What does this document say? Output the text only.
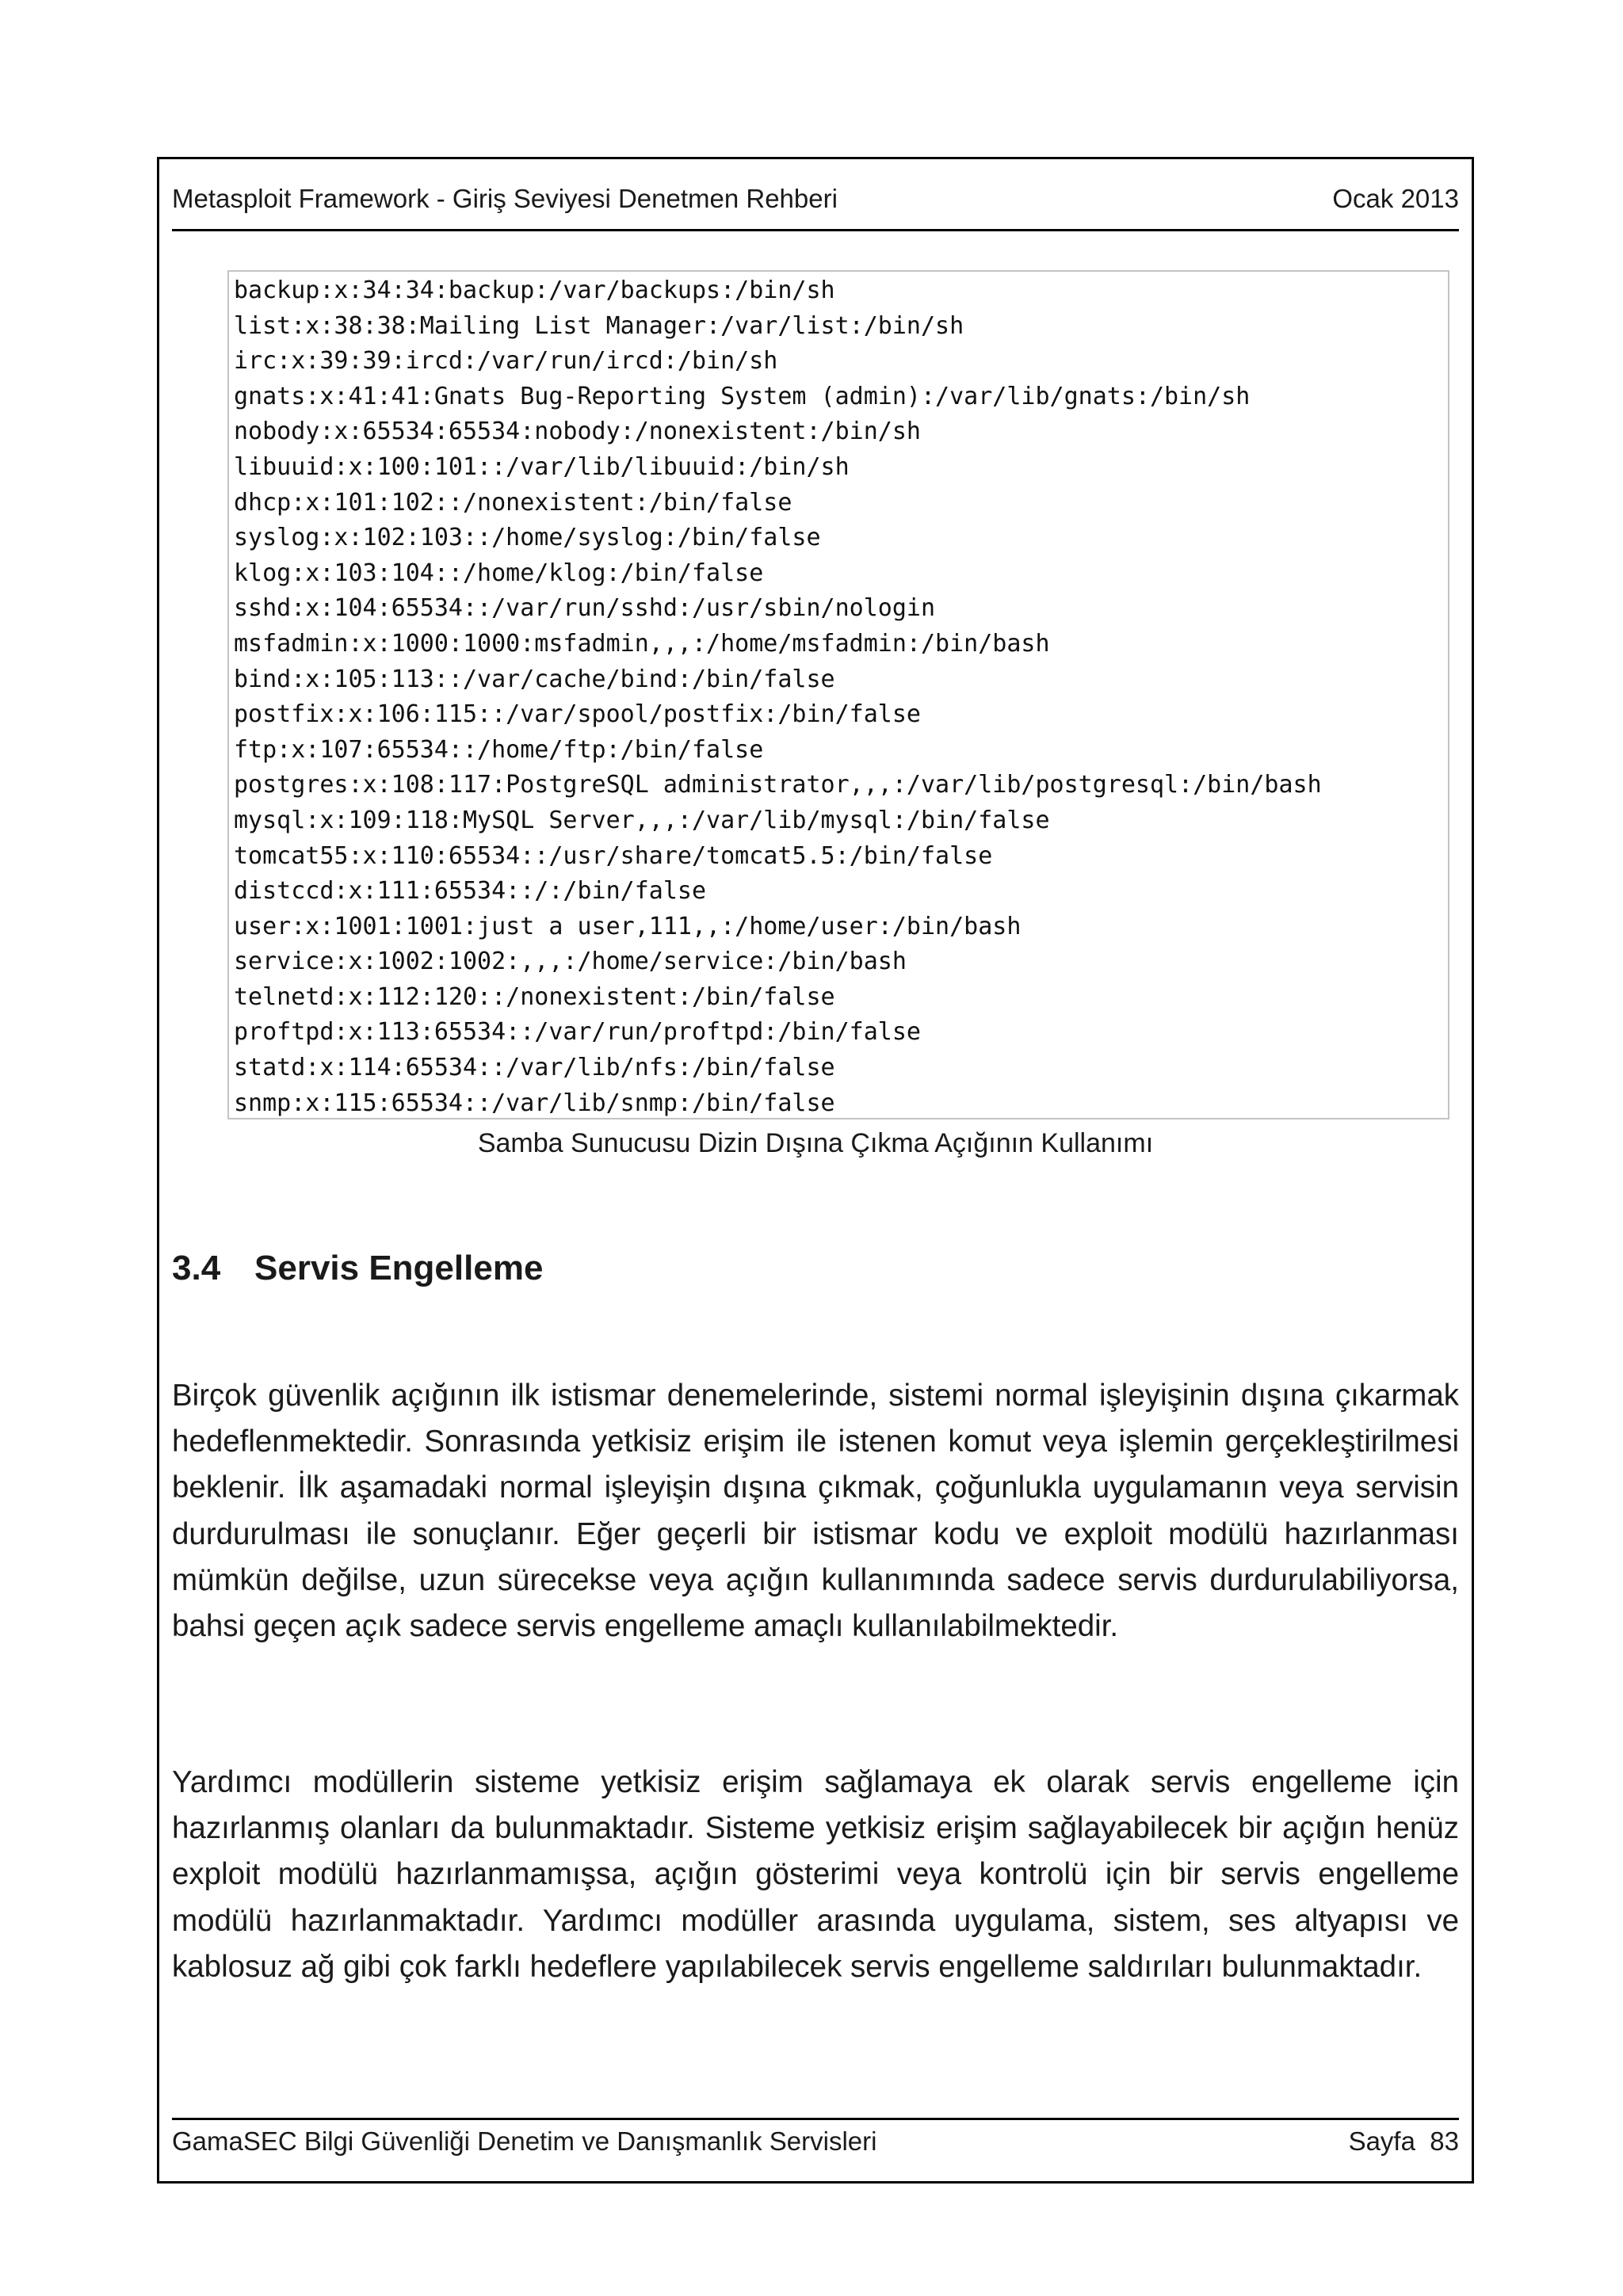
Metasploit Framework - Giriş Seviyesi Denetmen Rehberi	Ocak 2013
backup:x:34:34:backup:/var/backups:/bin/sh
list:x:38:38:Mailing List Manager:/var/list:/bin/sh
irc:x:39:39:ircd:/var/run/ircd:/bin/sh
gnats:x:41:41:Gnats Bug-Reporting System (admin):/var/lib/gnats:/bin/sh
nobody:x:65534:65534:nobody:/nonexistent:/bin/sh
libuuid:x:100:101::/var/lib/libuuid:/bin/sh
dhcp:x:101:102::/nonexistent:/bin/false
syslog:x:102:103::/home/syslog:/bin/false
klog:x:103:104::/home/klog:/bin/false
sshd:x:104:65534::/var/run/sshd:/usr/sbin/nologin
msfadmin:x:1000:1000:msfadmin,,,:/home/msfadmin:/bin/bash
bind:x:105:113::/var/cache/bind:/bin/false
postfix:x:106:115::/var/spool/postfix:/bin/false
ftp:x:107:65534::/home/ftp:/bin/false
postgres:x:108:117:PostgreSQL administrator,,,:/var/lib/postgresql:/bin/bash
mysql:x:109:118:MySQL Server,,,:/var/lib/mysql:/bin/false
tomcat55:x:110:65534::/usr/share/tomcat5.5:/bin/false
distccd:x:111:65534::/:/bin/false
user:x:1001:1001:just a user,111,,:/home/user:/bin/bash
service:x:1002:1002:,,,:/home/service:/bin/bash
telnetd:x:112:120::/nonexistent:/bin/false
proftpd:x:113:65534::/var/run/proftpd:/bin/false
statd:x:114:65534::/var/lib/nfs:/bin/false
snmp:x:115:65534::/var/lib/snmp:/bin/false
Samba Sunucusu Dizin Dışına Çıkma Açığının Kullanımı
3.4 Servis Engelleme
Birçok güvenlik açığının ilk istismar denemelerinde, sistemi normal işleyişinin dışına çıkarmak hedeflenmektedir. Sonrasında yetkisiz erişim ile istenen komut veya işlemin gerçekleştirilmesi beklenir. İlk aşamadaki normal işleyişin dışına çıkmak, çoğunlukla uygulamanın veya servisin durdurulması ile sonuçlanır. Eğer geçerli bir istismar kodu ve exploit modülü hazırlanması mümkün değilse, uzun sürecekse veya açığın kullanımında sadece servis durdurulabiliyorsa, bahsi geçen açık sadece servis engelleme amaçlı kullanılabilmektedir.
Yardımcı modüllerin sisteme yetkisiz erişim sağlamaya ek olarak servis engelleme için hazırlanmış olanları da bulunmaktadır. Sisteme yetkisiz erişim sağlayabilecek bir açığın henüz exploit modülü hazırlanmamışsa, açığın gösterimi veya kontrolü için bir servis engelleme modülü hazırlanmaktadır. Yardımcı modüller arasında uygulama, sistem, ses altyapısı ve kablosuz ağ gibi çok farklı hedeflere yapılabilecek servis engelleme saldırıları bulunmaktadır.
GamaSEC Bilgi Güvenliği Denetim ve Danışmanlık Servisleri	Sayfa  83
